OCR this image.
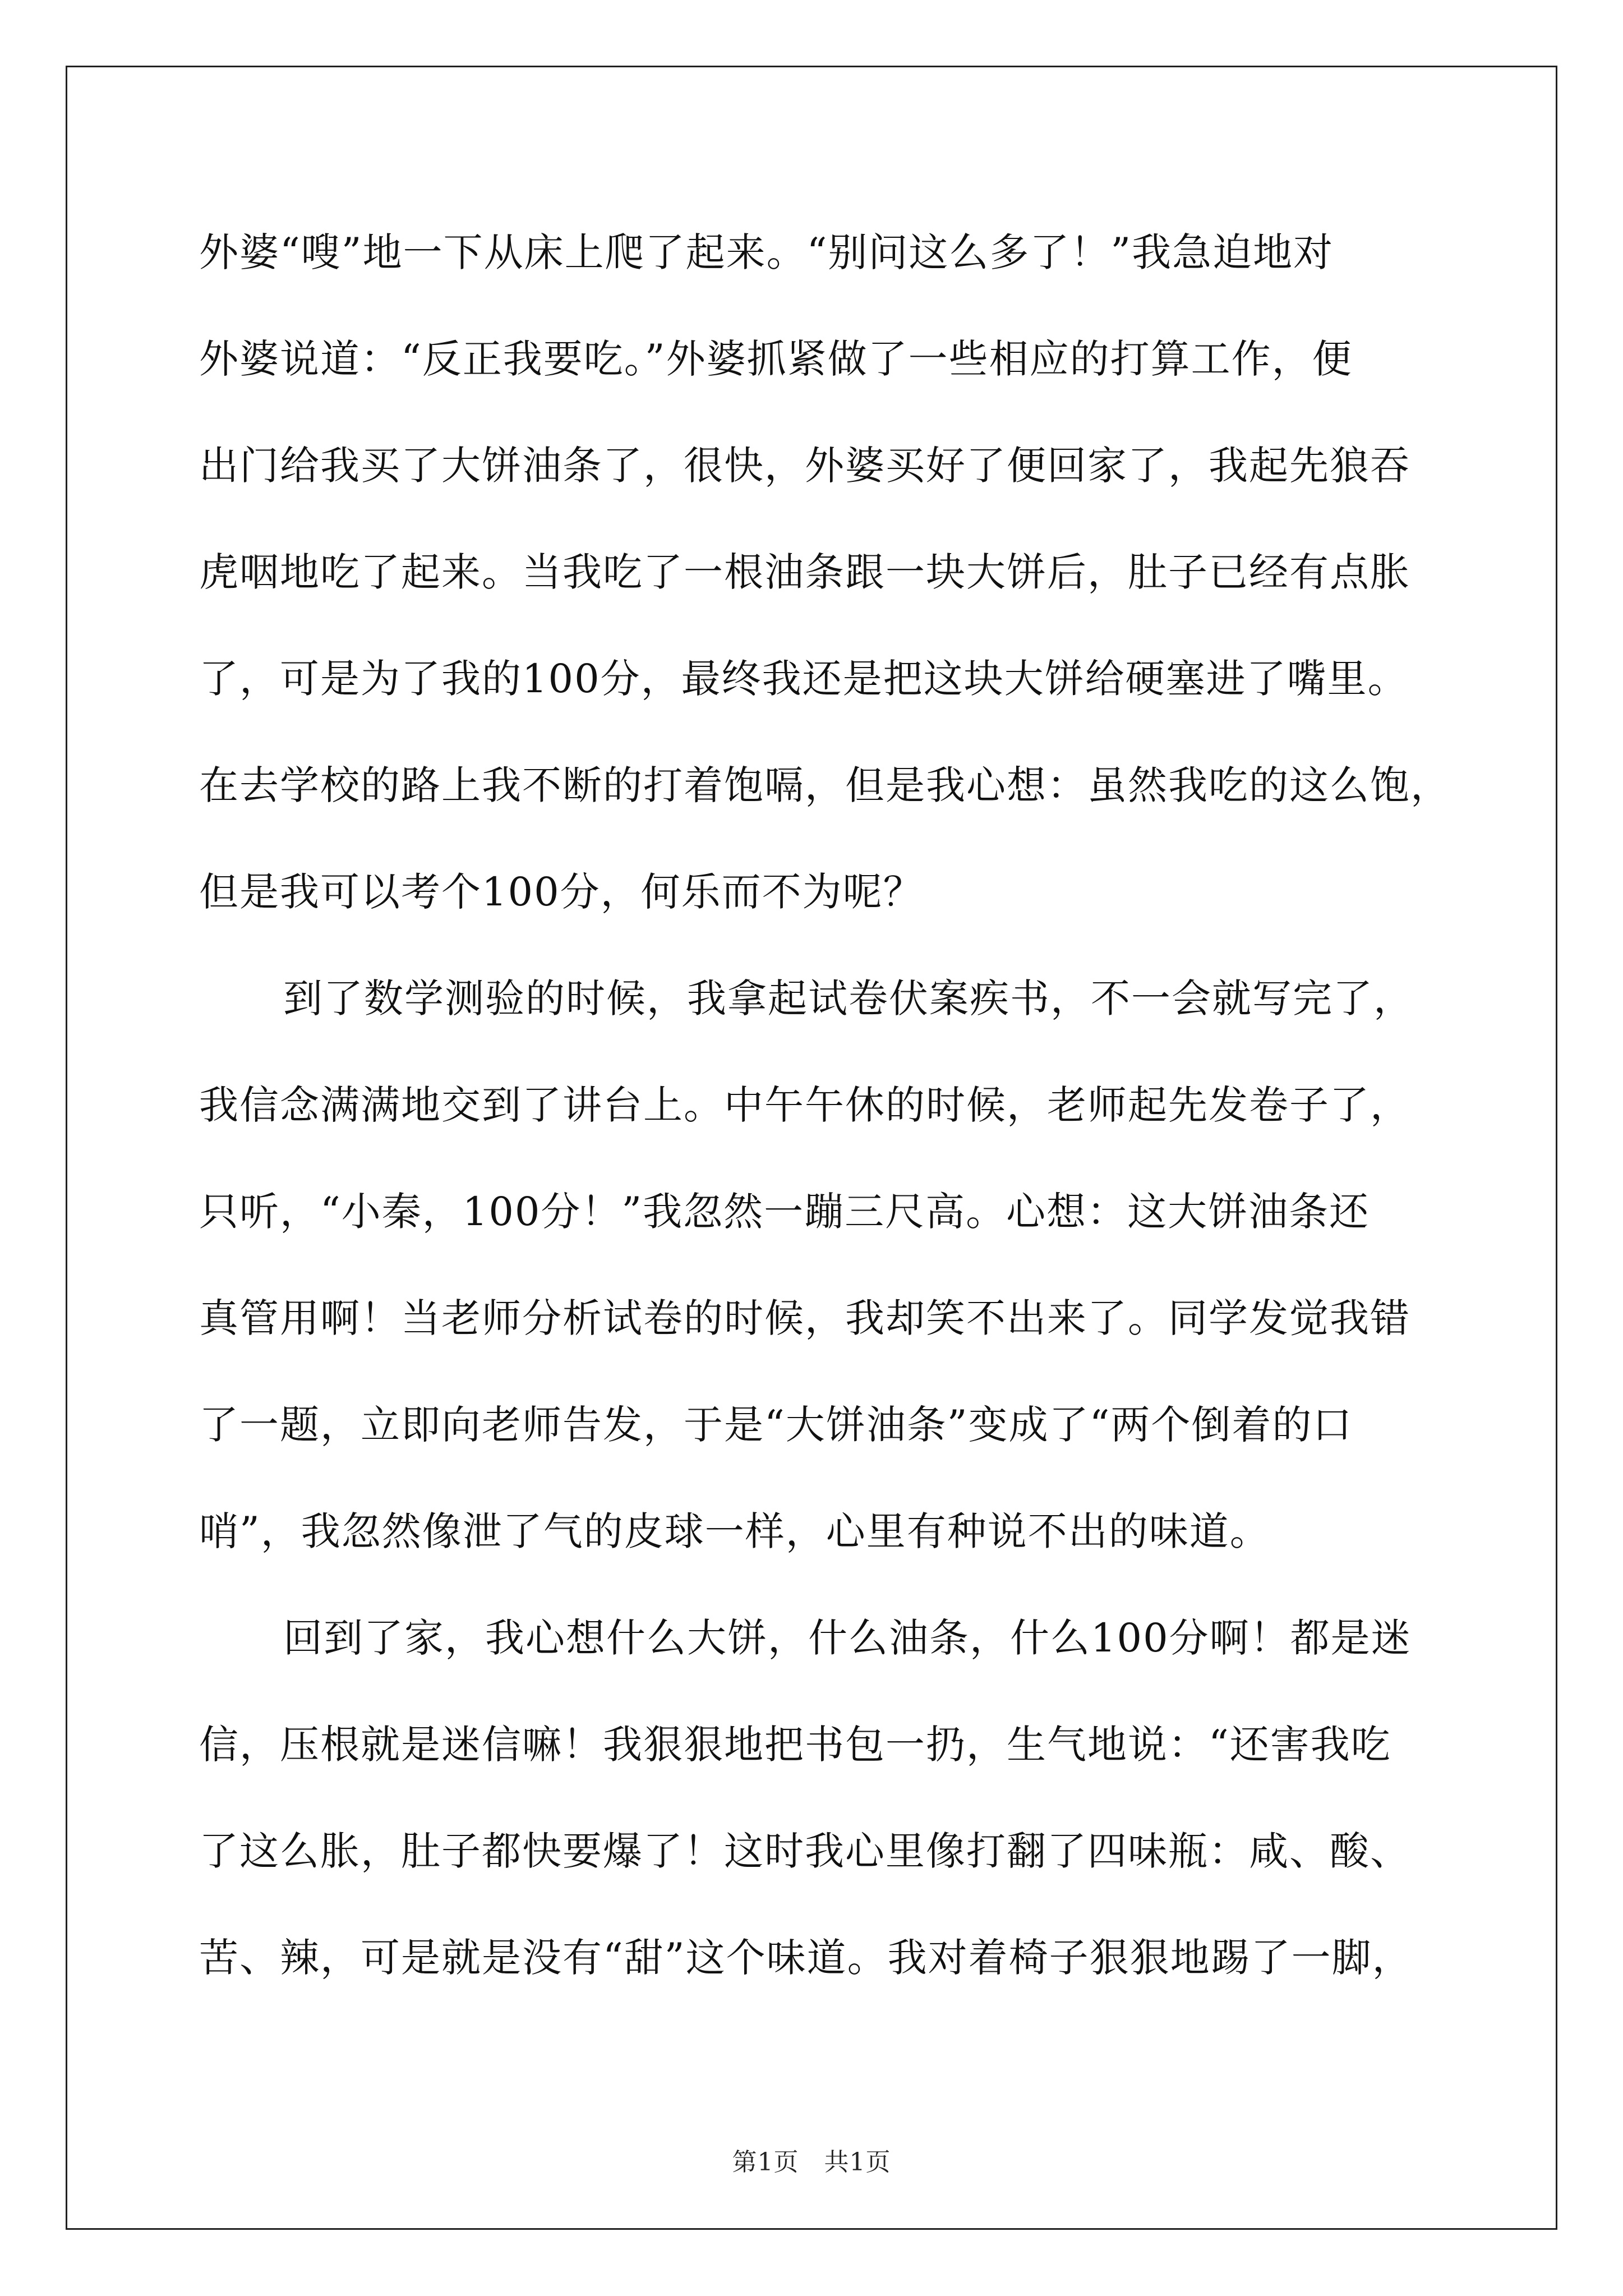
外婆“嗖”地一下从床上爬了起来。“别问这么多了！”我急迫地对
外婆说道：“反正我要吃。”外婆抓紧做了一些相应的打算工作，便
出门给我买了大饼油条了，很快，外婆买好了便回家了，我起先狼吞
虎咽地吃了起来。当我吃了一根油条跟一块大饼后，肚子已经有点胀
了，可是为了我的100分，最终我还是把这块大饼给硬塞进了嘴里。
在去学校的路上我不断的打着饱嗝，但是我心想：虽然我吃的这么饱，
但是我可以考个100分，何乐而不为呢？

到了数学测验的时候，我拿起试卷伏案疾书，不一会就写完了，
我信念满满地交到了讲台上。中午午休的时候，老师起先发卷子了，
只听，“小秦，100分！”我忽然一蹦三尺高。心想：这大饼油条还
真管用啊！当老师分析试卷的时候，我却笑不出来了。同学发觉我错
了一题，立即向老师告发，于是“大饼油条”变成了“两个倒着的口
哨”，我忽然像泄了气的皮球一样，心里有种说不出的味道。

回到了家，我心想什么大饼，什么油条，什么100分啊！都是迷
信，压根就是迷信嘛！我狠狠地把书包一扔，生气地说：“还害我吃
了这么胀，肚子都快要爆了！这时我心里像打翻了四味瓶：咸、酸、
苦、辣，可是就是没有“甜”这个味道。我对着椅子狠狠地踢了一脚，

第1页　共1页
